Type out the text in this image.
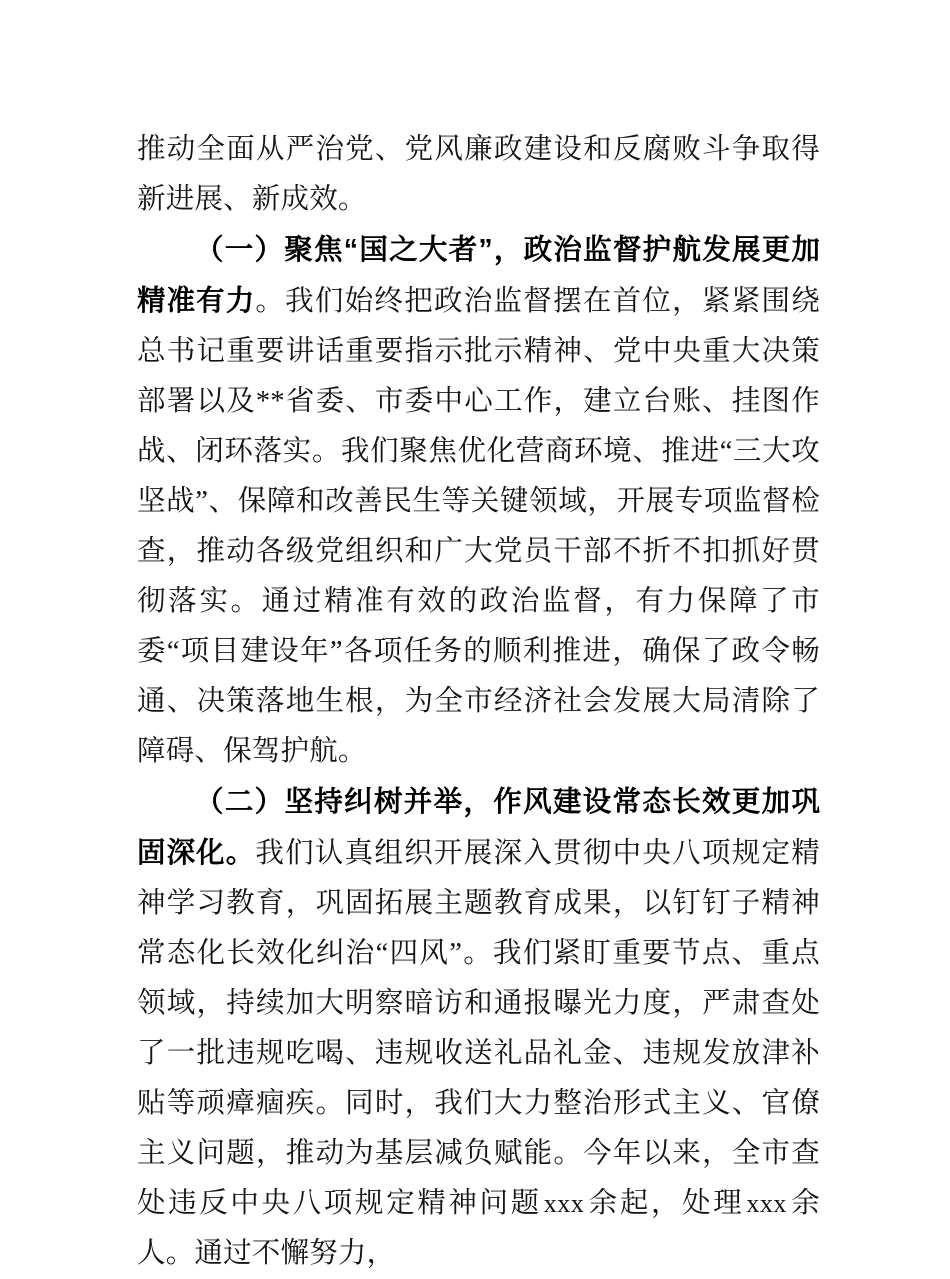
推动全面从严治党、党风廉政建设和反腐败斗争取得新进展、新成效。

（一）聚焦“国之大者”，政治监督护航发展更加精准有力。我们始终把政治监督摆在首位，紧紧围绕总书记重要讲话重要指示批示精神、党中央重大决策部署以及**省委、市委中心工作，建立台账、挂图作战、闭环落实。我们聚焦优化营商环境、推进“三大攻坚战”、保障和改善民生等关键领域，开展专项监督检查，推动各级党组织和广大党员干部不折不扣抓好贯彻落实。通过精准有效的政治监督，有力保障了市委“项目建设年”各项任务的顺利推进，确保了政令畅通、决策落地生根，为全市经济社会发展大局清除了障碍、保驾护航。

（二）坚持纠树并举，作风建设常态长效更加巩固深化。我们认真组织开展深入贯彻中央八项规定精神学习教育，巩固拓展主题教育成果，以钉钉子精神常态化长效化纠治“四风”。我们紧盯重要节点、重点领域，持续加大明察暗访和通报曝光力度，严肃查处了一批违规吃喝、违规收送礼品礼金、违规发放津补贴等顽瘴痼疾。同时，我们大力整治形式主义、官僚主义问题，推动为基层减负赋能。今年以来，全市查处违反中央八项规定精神问题xxx余起，处理xxx余人。通过不懈努力，
